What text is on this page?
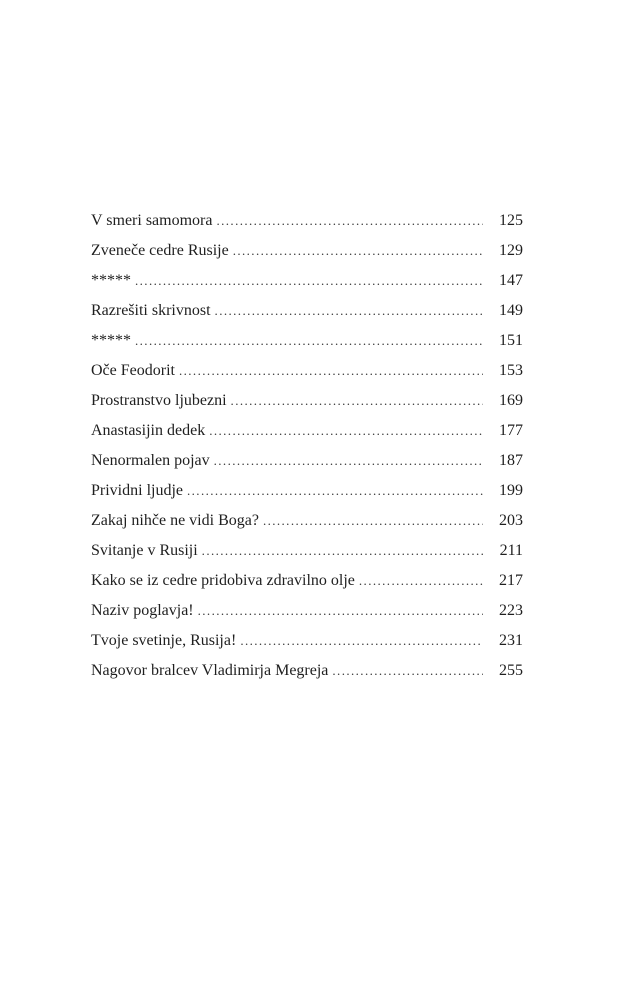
V smeri samomora .....	125
Zveneče cedre Rusije .....	129
***** .....	147
Razrešiti skrivnost .....	149
***** .....	151
Oče Feodorit .....	153
Prostranstvo ljubezni .....	169
Anastasijin dedek .....	177
Nenormalen pojav .....	187
Prividni ljudje .....	199
Zakaj nihče ne vidi Boga? .....	203
Svitanje v Rusiji .....	211
Kako se iz cedre pridobiva zdravilno olje .....	217
Naziv poglavja! .....	223
Tvoje svetinje, Rusija! .....	231
Nagovor bralcev Vladimirja Megreja .....	255
